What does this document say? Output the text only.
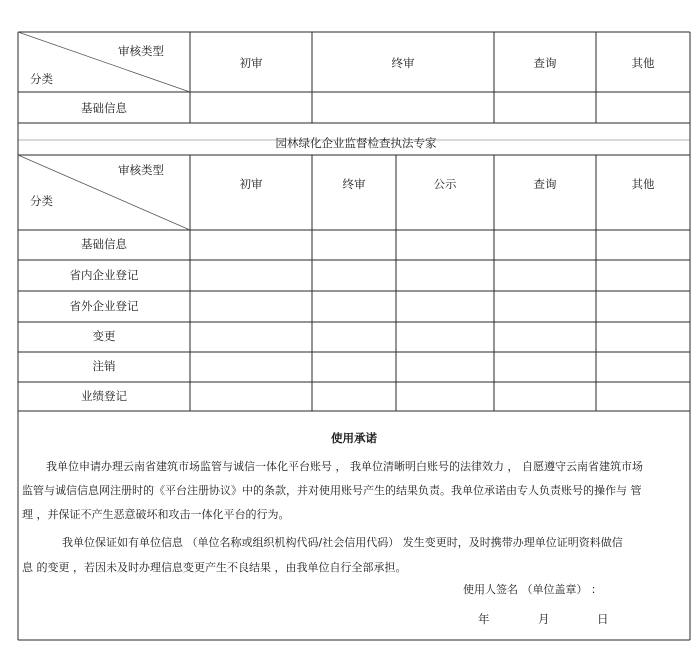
审核类型
分类
初审	终审	查询	其他
基础信息
园林绿化企业监督检查执法专家
审核类型
分类
初审	终审	公示	查询	其他
基础信息
省内企业登记
省外企业登记
变更
注销
业绩登记
使用承诺
我单位申请办理云南省建筑市场监管与诚信一体化平台账号 ， 我单位清晰明白账号的法律效力 ， 自愿遵守云南省建筑市场
监管与诚信信息网注册时的《平台注册协议》中的条款，并对使用账号产生的结果负责。我单位承诺由专人负责账号的操作与 管
理 ，并保证不产生恶意破坏和攻击一体化平台的行为。
我单位保证如有单位信息 （单位名称或组织机构代码/社会信用代码） 发生变更时，及时携带办理单位证明资料做信
息 的变更 ，若因未及时办理信息变更产生不良结果 ，由我单位自行全部承担。
使用人签名 （单位盖章） ：
年	月	日
